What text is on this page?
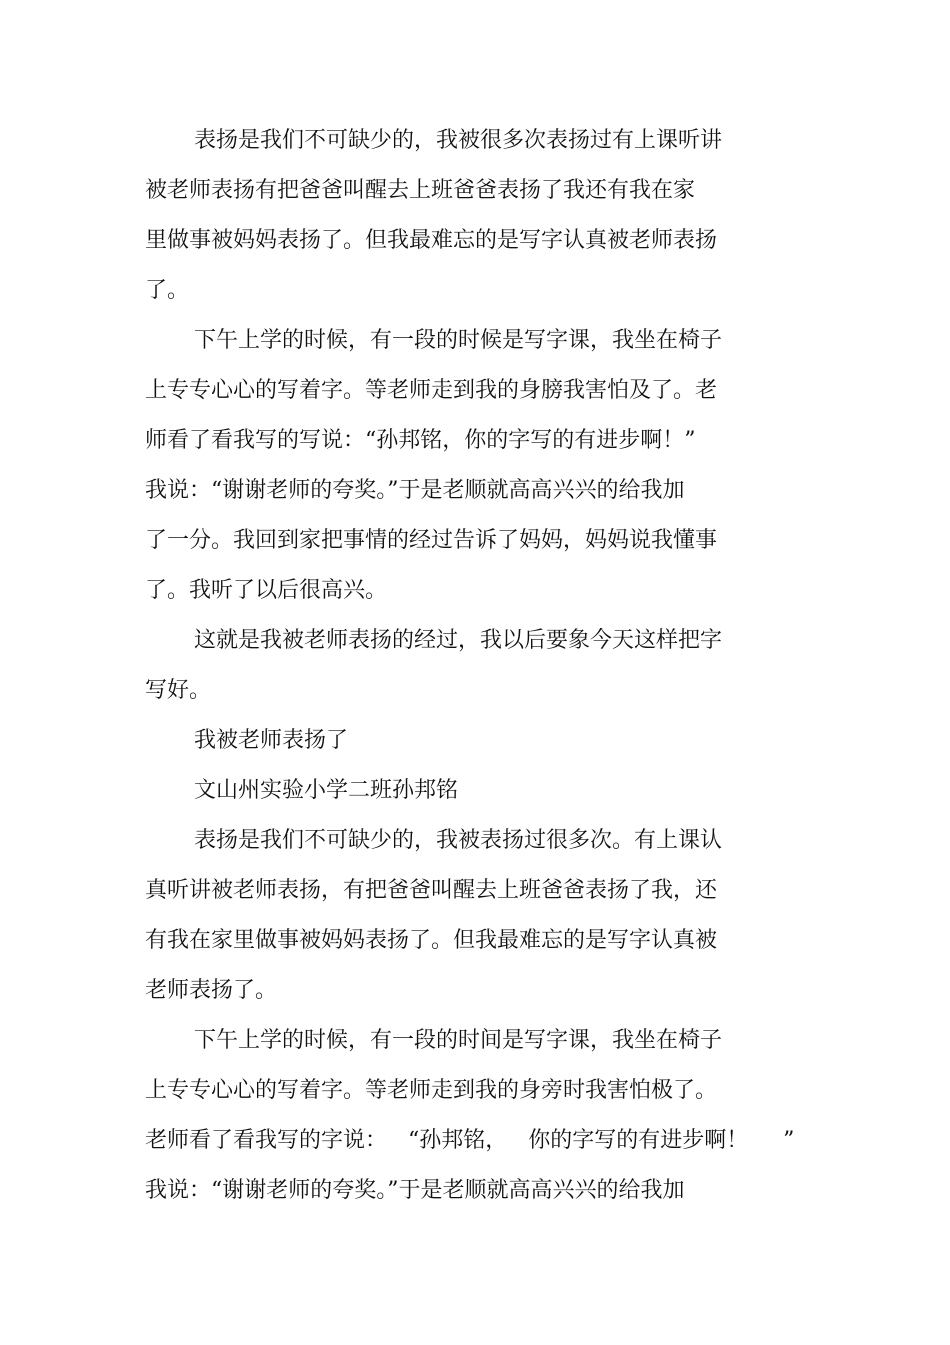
表扬是我们不可缺少的，我被很多次表扬过有上课听讲
被老师表扬有把爸爸叫醒去上班爸爸表扬了我还有我在家
里做事被妈妈表扬了。但我最难忘的是写字认真被老师表扬
了。
下午上学的时候，有一段的时候是写字课，我坐在椅子
上专专心心的写着字。等老师走到我的身膀我害怕及了。老
师看了看我写的写说：“孙邦铭，你的字写的有进步啊！”
我说：“谢谢老师的夸奖。”于是老顺就高高兴兴的给我加
了一分。我回到家把事情的经过告诉了妈妈，妈妈说我懂事
了。我听了以后很高兴。
这就是我被老师表扬的经过，我以后要象今天这样把字
写好。
我被老师表扬了
文山州实验小学二班孙邦铭
表扬是我们不可缺少的，我被表扬过很多次。有上课认
真听讲被老师表扬，有把爸爸叫醒去上班爸爸表扬了我，还
有我在家里做事被妈妈表扬了。但我最难忘的是写字认真被
老师表扬了。
下午上学的时候，有一段的时间是写字课，我坐在椅子
上专专心心的写着字。等老师走到我的身旁时我害怕极了。
老师看了看我写的字说：   “孙邦铭，   你的字写的有进步啊！     ”
我说：“谢谢老师的夸奖。”于是老顺就高高兴兴的给我加
